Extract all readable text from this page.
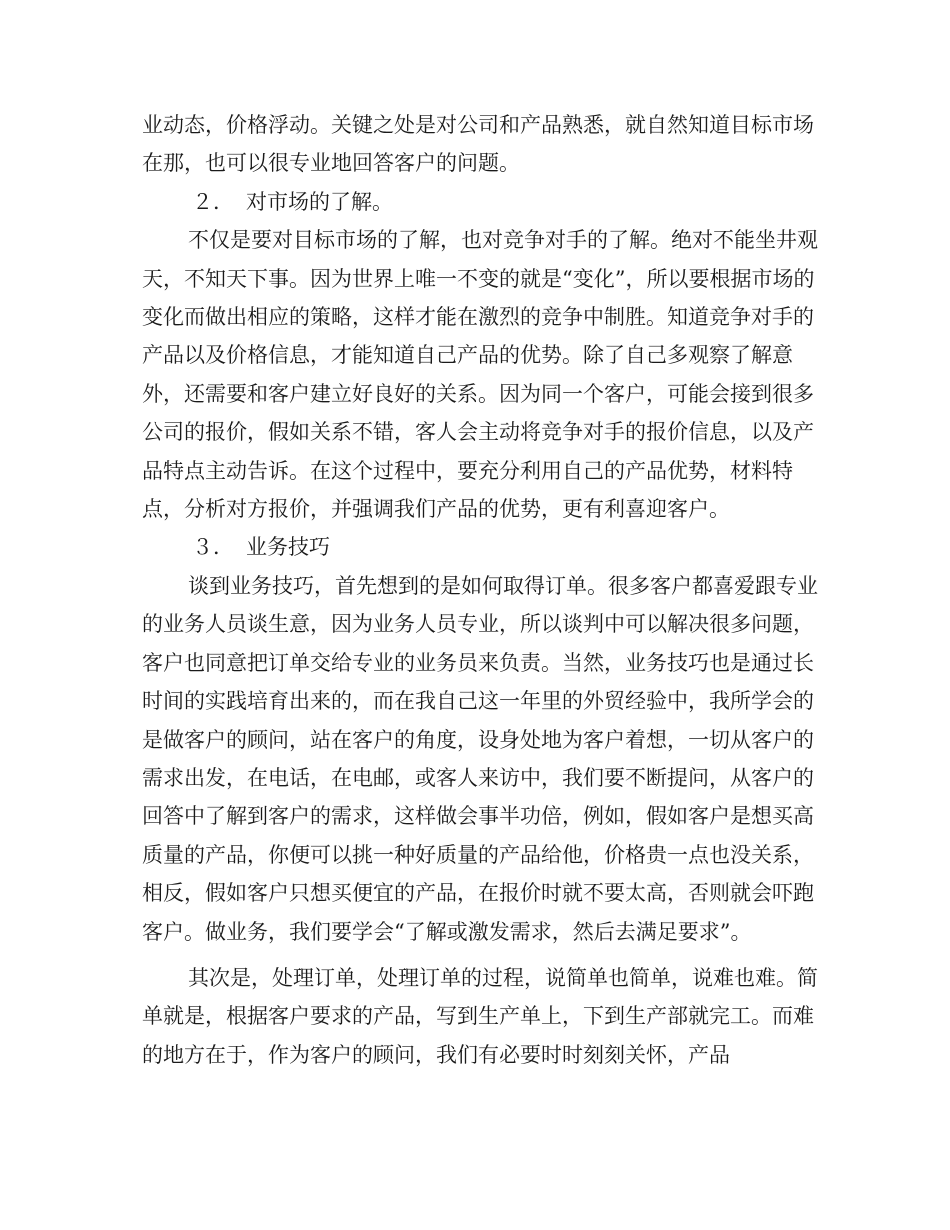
业动态，价格浮动。关键之处是对公司和产品熟悉，就自然知道目标市场在那，也可以很专业地回答客户的问题。

２． 对市场的了解。

不仅是要对目标市场的了解，也对竞争对手的了解。绝对不能坐井观天，不知天下事。因为世界上唯一不变的就是“变化”，所以要根据市场的变化而做出相应的策略，这样才能在激烈的竞争中制胜。知道竞争对手的产品以及价格信息，才能知道自己产品的优势。除了自己多观察了解意外，还需要和客户建立好良好的关系。因为同一个客户，可能会接到很多公司的报价，假如关系不错，客人会主动将竞争对手的报价信息，以及产品特点主动告诉。在这个过程中，要充分利用自己的产品优势，材料特点，分析对方报价，并强调我们产品的优势，更有利喜迎客户。

３． 业务技巧

谈到业务技巧，首先想到的是如何取得订单。很多客户都喜爱跟专业的业务人员谈生意，因为业务人员专业，所以谈判中可以解决很多问题，客户也同意把订单交给专业的业务员来负责。当然，业务技巧也是通过长时间的实践培育出来的，而在我自己这一年里的外贸经验中，我所学会的是做客户的顾问，站在客户的角度，设身处地为客户着想，一切从客户的需求出发，在电话，在电邮，或客人来访中，我们要不断提问，从客户的回答中了解到客户的需求，这样做会事半功倍，例如，假如客户是想买高质量的产品，你便可以挑一种好质量的产品给他，价格贵一点也没关系，相反，假如客户只想买便宜的产品，在报价时就不要太高，否则就会吓跑客户。做业务，我们要学会“了解或激发需求，然后去满足要求”。

其次是，处理订单，处理订单的过程，说简单也简单，说难也难。简单就是，根据客户要求的产品，写到生产单上，下到生产部就完工。而难的地方在于，作为客户的顾问，我们有必要时时刻刻关怀，产品
